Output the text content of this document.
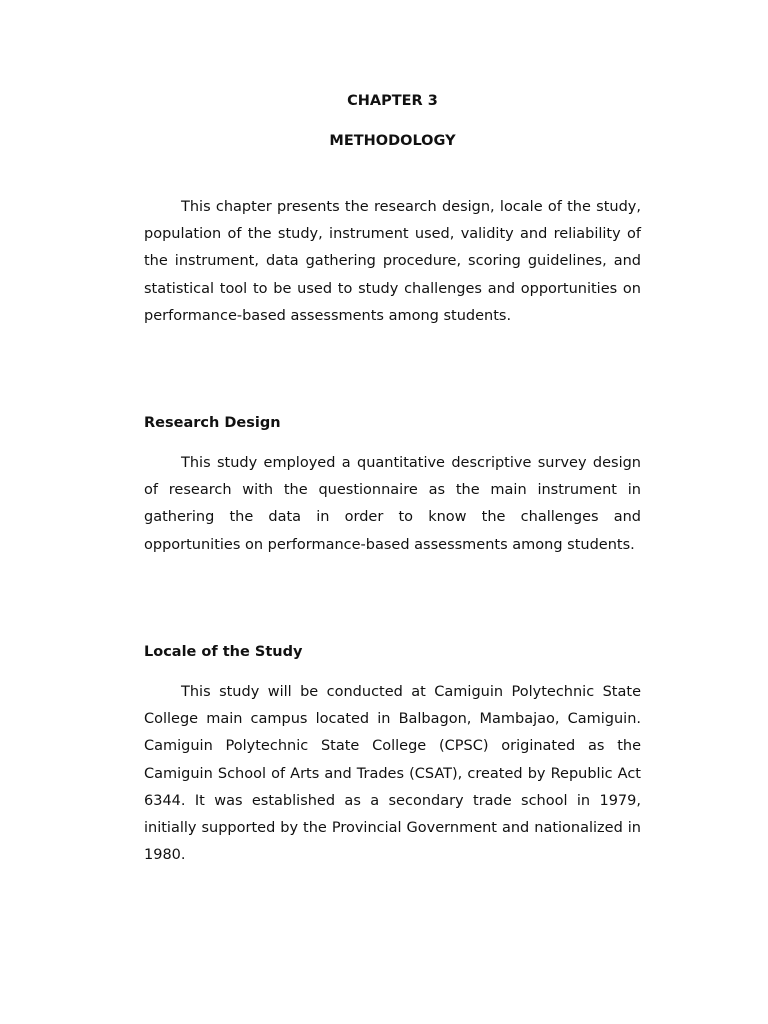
CHAPTER 3

METHODOLOGY

This chapter presents the research design, locale of the study, population of the study, instrument used, validity and reliability of the instrument, data gathering procedure, scoring guidelines, and statistical tool to be used to study challenges and opportunities on performance-based assessments among students.

Research Design

This study employed a quantitative descriptive survey design of research with the questionnaire as the main instrument in gathering the data in order to know the challenges and opportunities on performance-based assessments among students.

Locale of the Study

This study will be conducted at Camiguin Polytechnic State College main campus located in Balbagon, Mambajao, Camiguin. Camiguin Polytechnic State College (CPSC) originated as the Camiguin School of Arts and Trades (CSAT), created by Republic Act 6344. It was established as a secondary trade school in 1979, initially supported by the Provincial Government and nationalized in 1980.
